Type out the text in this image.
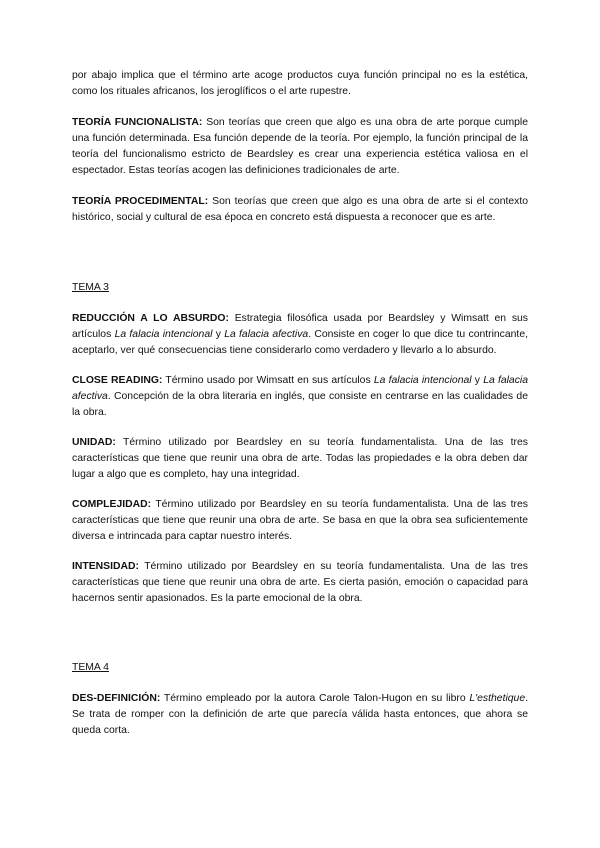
por abajo implica que el término arte acoge productos cuya función principal no es la estética, como los rituales africanos, los jeroglíficos o el arte rupestre.

TEORÍA FUNCIONALISTA: Son teorías que creen que algo es una obra de arte porque cumple una función determinada. Esa función depende de la teoría. Por ejemplo, la función principal de la teoría del funcionalismo estricto de Beardsley es crear una experiencia estética valiosa en el espectador. Estas teorías acogen las definiciones tradicionales de arte.

TEORÍA PROCEDIMENTAL: Son teorías que creen que algo es una obra de arte si el contexto histórico, social y cultural de esa época en concreto está dispuesta a reconocer que es arte.

TEMA 3

REDUCCIÓN A LO ABSURDO: Estrategia filosófica usada por Beardsley y Wimsatt en sus artículos La falacia intencional y La falacia afectiva. Consiste en coger lo que dice tu contrincante, aceptarlo, ver qué consecuencias tiene considerarlo como verdadero y llevarlo a lo absurdo.

CLOSE READING: Término usado por Wimsatt en sus artículos La falacia intencional y La falacia afectiva. Concepción de la obra literaria en inglés, que consiste en centrarse en las cualidades de la obra.

UNIDAD: Término utilizado por Beardsley en su teoría fundamentalista. Una de las tres características que tiene que reunir una obra de arte. Todas las propiedades e la obra deben dar lugar a algo que es completo, hay una integridad.

COMPLEJIDAD: Término utilizado por Beardsley en su teoría fundamentalista. Una de las tres características que tiene que reunir una obra de arte. Se basa en que la obra sea suficientemente diversa e intrincada para captar nuestro interés.

INTENSIDAD: Término utilizado por Beardsley en su teoría fundamentalista. Una de las tres características que tiene que reunir una obra de arte. Es cierta pasión, emoción o capacidad para hacernos sentir apasionados. Es la parte emocional de la obra.

TEMA 4

DES-DEFINICIÓN: Término empleado por la autora Carole Talon-Hugon en su libro L'esthetique. Se trata de romper con la definición de arte que parecía válida hasta entonces, que ahora se queda corta.
